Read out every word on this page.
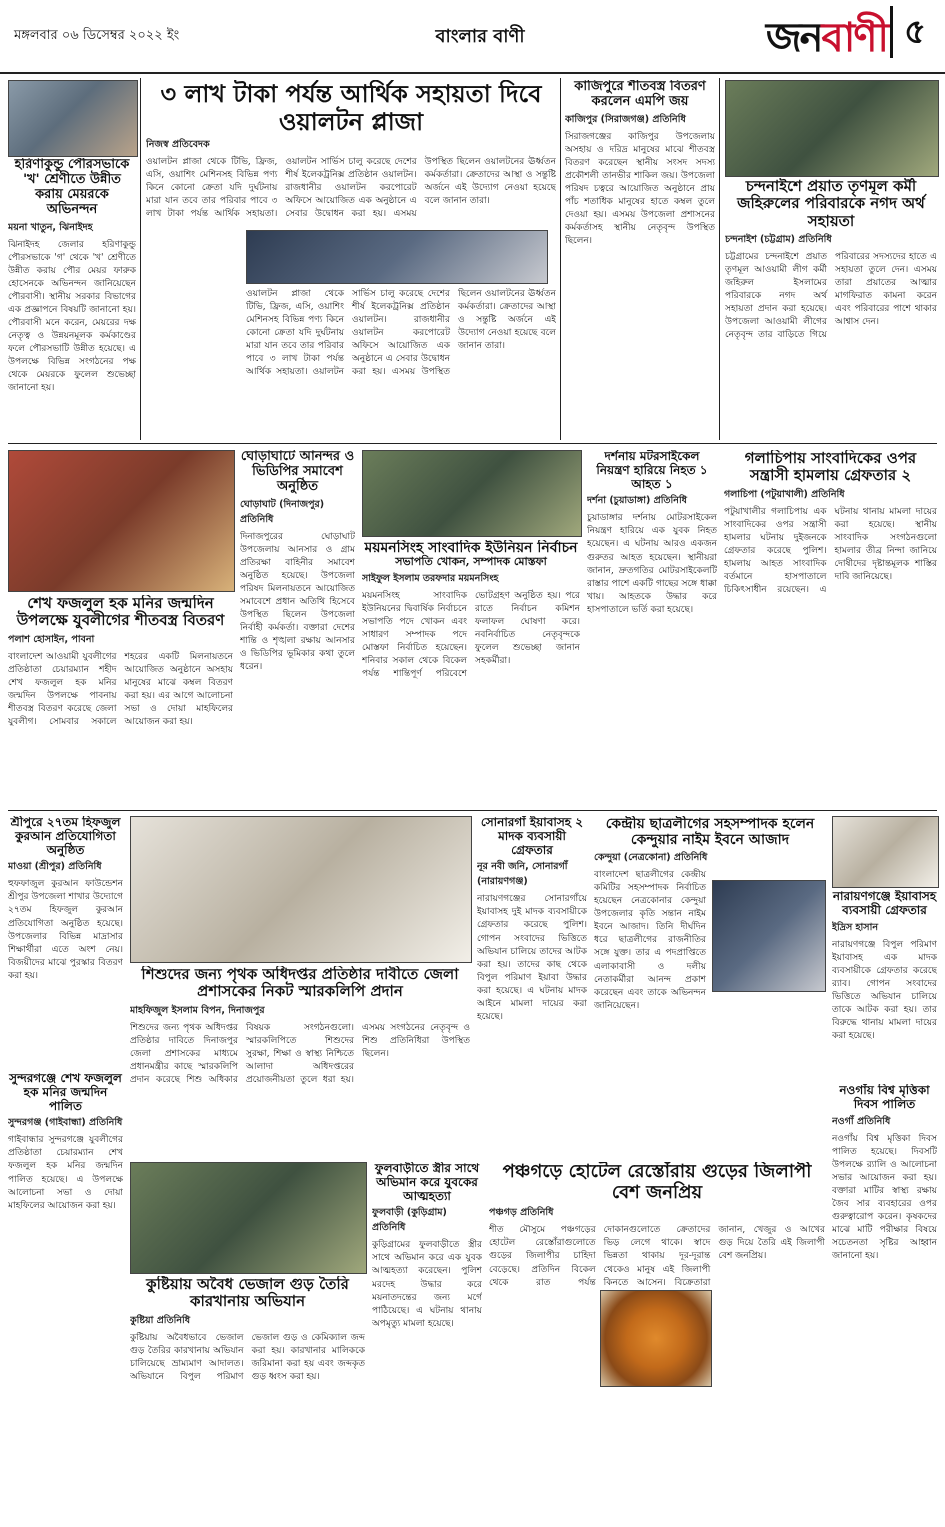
মঙ্গলবার ০৬ ডিসেম্বর ২০২২ ইং	বাংলার বাণী	জনবাণী ৫
হরিণাকুন্ডু পৌরসভাকে 'খ' শ্রেণীতে উন্নীত করায় মেয়রকে অভিনন্দন
ময়না খাতুন, ঝিনাইদহ
ঝিনাইদহ জেলার হরিণাকুন্ডু পৌরসভাকে 'গ' থেকে 'খ' শ্রেণীতে উন্নীত করায় পৌর মেয়র ফারুক হোসেনকে অভিনন্দন জানিয়েছেন পৌরবাসী। স্থানীয় সরকার বিভাগের এক প্রজ্ঞাপনে বিষয়টি জানানো হয়। পৌরবাসী মনে করেন, মেয়রের দক্ষ নেতৃত্ব ও উন্নয়নমূলক কর্মকাণ্ডের ফলে পৌরসভাটি উন্নীত হয়েছে। এ উপলক্ষে বিভিন্ন সংগঠনের পক্ষ থেকে মেয়রকে ফুলেল শুভেচ্ছা জানানো হয়।
৩ লাখ টাকা পর্যন্ত আর্থিক সহায়তা দিবে ওয়ালটন প্লাজা
নিজস্ব প্রতিবেদক
ওয়ালটন প্লাজা থেকে টিভি, ফ্রিজ, এসি, ওয়াশিং মেশিনসহ বিভিন্ন পণ্য কিনে কোনো ক্রেতা যদি দুর্ঘটনায় মারা যান তবে তার পরিবার পাবে ৩ লাখ টাকা পর্যন্ত আর্থিক সহায়তা। ওয়ালটন সার্ভিস চালু করেছে দেশের শীর্ষ ইলেকট্রনিক্স প্রতিষ্ঠান ওয়ালটন। রাজধানীর ওয়ালটন করপোরেট অফিসে আয়োজিত এক অনুষ্ঠানে এ সেবার উদ্বোধন করা হয়। এসময় উপস্থিত ছিলেন ওয়ালটনের ঊর্ধ্বতন কর্মকর্তারা। ক্রেতাদের আস্থা ও সন্তুষ্টি অর্জনে এই উদ্যোগ নেওয়া হয়েছে বলে জানান তারা।
ওয়ালটন প্লাজা থেকে টিভি, ফ্রিজ, এসি, ওয়াশিং মেশিনসহ বিভিন্ন পণ্য কিনে কোনো ক্রেতা যদি দুর্ঘটনায় মারা যান তবে তার পরিবার পাবে ৩ লাখ টাকা পর্যন্ত আর্থিক সহায়তা। ওয়ালটন সার্ভিস চালু করেছে দেশের শীর্ষ ইলেকট্রনিক্স প্রতিষ্ঠান ওয়ালটন। রাজধানীর ওয়ালটন করপোরেট অফিসে আয়োজিত এক অনুষ্ঠানে এ সেবার উদ্বোধন করা হয়। এসময় উপস্থিত ছিলেন ওয়ালটনের ঊর্ধ্বতন কর্মকর্তারা। ক্রেতাদের আস্থা ও সন্তুষ্টি অর্জনে এই উদ্যোগ নেওয়া হয়েছে বলে জানান তারা।
কাজিপুরে শীতবস্ত্র বিতরণ করলেন এমপি জয়
কাজিপুর (সিরাজগঞ্জ) প্রতিনিধি
সিরাজগঞ্জের কাজিপুর উপজেলায় অসহায় ও দরিদ্র মানুষের মাঝে শীতবস্ত্র বিতরণ করেছেন স্থানীয় সংসদ সদস্য প্রকৌশলী তানভীর শাকিল জয়। উপজেলা পরিষদ চত্বরে আয়োজিত অনুষ্ঠানে প্রায় পাঁচ শতাধিক মানুষের হাতে কম্বল তুলে দেওয়া হয়। এসময় উপজেলা প্রশাসনের কর্মকর্তাসহ স্থানীয় নেতৃবৃন্দ উপস্থিত ছিলেন।
চন্দনাইশে প্রয়াত তৃণমূল কর্মী জহিরুলের পরিবারকে নগদ অর্থ সহায়তা
চন্দনাইশ (চট্টগ্রাম) প্রতিনিধি
চট্টগ্রামের চন্দনাইশে প্রয়াত তৃণমূল আওয়ামী লীগ কর্মী জহিরুল ইসলামের পরিবারকে নগদ অর্থ সহায়তা প্রদান করা হয়েছে। উপজেলা আওয়ামী লীগের নেতৃবৃন্দ তার বাড়িতে গিয়ে পরিবারের সদস্যদের হাতে এ সহায়তা তুলে দেন। এসময় তারা প্রয়াতের আত্মার মাগফিরাত কামনা করেন এবং পরিবারের পাশে থাকার আশ্বাস দেন।
শেখ ফজলুল হক মনির জন্মদিন উপলক্ষে যুবলীগের শীতবস্ত্র বিতরণ
পলাশ হোসাইন, পাবনা
বাংলাদেশ আওয়ামী যুবলীগের প্রতিষ্ঠাতা চেয়ারম্যান শহীদ শেখ ফজলুল হক মনির জন্মদিন উপলক্ষে পাবনায় শীতবস্ত্র বিতরণ করেছে জেলা যুবলীগ। সোমবার সকালে শহরের একটি মিলনায়তনে আয়োজিত অনুষ্ঠানে অসহায় মানুষের মাঝে কম্বল বিতরণ করা হয়। এর আগে আলোচনা সভা ও দোয়া মাহফিলের আয়োজন করা হয়।
ঘোড়াঘাটে আনন্দর ও ভিডিপির সমাবেশ অনুষ্ঠিত
ঘোড়াঘাট (দিনাজপুর) প্রতিনিধি
দিনাজপুরের ঘোড়াঘাট উপজেলায় আনসার ও গ্রাম প্রতিরক্ষা বাহিনীর সমাবেশ অনুষ্ঠিত হয়েছে। উপজেলা পরিষদ মিলনায়তনে আয়োজিত সমাবেশে প্রধান অতিথি হিসেবে উপস্থিত ছিলেন উপজেলা নির্বাহী কর্মকর্তা। বক্তারা দেশের শান্তি ও শৃঙ্খলা রক্ষায় আনসার ও ভিডিপির ভূমিকার কথা তুলে ধরেন।
ময়মনসিংহ সাংবাদিক ইউনিয়ন নির্বাচন
সভাপতি খোকন, সম্পাদক মোস্তফা
সাইফুল ইসলাম তরফদার ময়মনসিংহ
ময়মনসিংহ সাংবাদিক ইউনিয়নের দ্বিবার্ষিক নির্বাচনে সভাপতি পদে খোকন এবং সাধারণ সম্পাদক পদে মোস্তফা নির্বাচিত হয়েছেন। শনিবার সকাল থেকে বিকেল পর্যন্ত শান্তিপূর্ণ পরিবেশে ভোটগ্রহণ অনুষ্ঠিত হয়। পরে রাতে নির্বাচন কমিশন ফলাফল ঘোষণা করে। নবনির্বাচিত নেতৃবৃন্দকে ফুলেল শুভেচ্ছা জানান সহকর্মীরা।
দর্শনায় মটরসাইকেল নিয়ন্ত্রণ হারিয়ে নিহত ১ আহত ১
দর্শনা (চুয়াডাঙ্গা) প্রতিনিধি
চুয়াডাঙ্গার দর্শনায় মোটরসাইকেল নিয়ন্ত্রণ হারিয়ে এক যুবক নিহত হয়েছেন। এ ঘটনায় আরও একজন গুরুতর আহত হয়েছেন। স্থানীয়রা জানান, দ্রুতগতির মোটরসাইকেলটি রাস্তার পাশে একটি গাছের সঙ্গে ধাক্কা খায়। আহতকে উদ্ধার করে হাসপাতালে ভর্তি করা হয়েছে।
গলাচিপায় সাংবাদিকের ওপর সন্ত্রাসী হামলায় গ্রেফতার ২
গলাচিপা (পটুয়াখালী) প্রতিনিধি
পটুয়াখালীর গলাচিপায় এক সাংবাদিকের ওপর সন্ত্রাসী হামলার ঘটনায় দুইজনকে গ্রেফতার করেছে পুলিশ। হামলায় আহত সাংবাদিক বর্তমানে হাসপাতালে চিকিৎসাধীন রয়েছেন। এ ঘটনায় থানায় মামলা দায়ের করা হয়েছে। স্থানীয় সাংবাদিক সংগঠনগুলো হামলার তীব্র নিন্দা জানিয়ে দোষীদের দৃষ্টান্তমূলক শাস্তির দাবি জানিয়েছে।
শ্রীপুরে ২৭তম হিফজুল কুরআন প্রতিযোগিতা অনুষ্ঠিত
মাওয়া (শ্রীপুর) প্রতিনিধি
হুফফাজুল কুরআন ফাউন্ডেশন শ্রীপুর উপজেলা শাখার উদ্যোগে ২৭তম হিফজুল কুরআন প্রতিযোগিতা অনুষ্ঠিত হয়েছে। উপজেলার বিভিন্ন মাদ্রাসার শিক্ষার্থীরা এতে অংশ নেয়। বিজয়ীদের মাঝে পুরস্কার বিতরণ করা হয়।
সুন্দরগঞ্জে শেখ ফজলুল হক মনির জন্মদিন পালিত
সুন্দরগঞ্জ (গাইবান্ধা) প্রতিনিধি
গাইবান্ধার সুন্দরগঞ্জে যুবলীগের প্রতিষ্ঠাতা চেয়ারম্যান শেখ ফজলুল হক মনির জন্মদিন পালিত হয়েছে। এ উপলক্ষে আলোচনা সভা ও দোয়া মাহফিলের আয়োজন করা হয়।
শিশুদের জন্য পৃথক অধিদপ্তর প্রতিষ্ঠার দাবীতে জেলা প্রশাসকের নিকট স্মারকলিপি প্রদান
মাহফিজুল ইসলাম বিপন, দিনাজপুর
শিশুদের জন্য পৃথক অধিদপ্তর প্রতিষ্ঠার দাবিতে দিনাজপুর জেলা প্রশাসকের মাধ্যমে প্রধানমন্ত্রীর কাছে স্মারকলিপি প্রদান করেছে শিশু অধিকার বিষয়ক সংগঠনগুলো। স্মারকলিপিতে শিশুদের সুরক্ষা, শিক্ষা ও স্বাস্থ্য নিশ্চিতে আলাদা অধিদপ্তরের প্রয়োজনীয়তা তুলে ধরা হয়। এসময় সংগঠনের নেতৃবৃন্দ ও শিশু প্রতিনিধিরা উপস্থিত ছিলেন।
সোনারগাঁ ইয়াবাসহ ২ মাদক ব্যবসায়ী গ্রেফতার
নূর নবী জনি, সোনারগাঁ (নারায়ণগঞ্জ)
নারায়ণগঞ্জের সোনারগাঁয়ে ইয়াবাসহ দুই মাদক ব্যবসায়ীকে গ্রেফতার করেছে পুলিশ। গোপন সংবাদের ভিত্তিতে অভিযান চালিয়ে তাদের আটক করা হয়। তাদের কাছ থেকে বিপুল পরিমাণ ইয়াবা উদ্ধার করা হয়েছে। এ ঘটনায় মাদক আইনে মামলা দায়ের করা হয়েছে।
কেন্দ্রীয় ছাত্রলীগের সহসম্পাদক হলেন কেন্দুয়ার নাইম ইবনে আজাদ
কেন্দুয়া (নেত্রকোনা) প্রতিনিধি
বাংলাদেশ ছাত্রলীগের কেন্দ্রীয় কমিটির সহসম্পাদক নির্বাচিত হয়েছেন নেত্রকোনার কেন্দুয়া উপজেলার কৃতি সন্তান নাইম ইবনে আজাদ। তিনি দীর্ঘদিন ধরে ছাত্রলীগের রাজনীতির সঙ্গে যুক্ত। তার এ পদপ্রাপ্তিতে এলাকাবাসী ও দলীয় নেতাকর্মীরা আনন্দ প্রকাশ করেছেন এবং তাকে অভিনন্দন জানিয়েছেন।
নারায়ণগঞ্জে ইয়াবাসহ ব্যবসায়ী গ্রেফতার
ইদ্রিস হাসান
নারায়ণগঞ্জে বিপুল পরিমাণ ইয়াবাসহ এক মাদক ব্যবসায়ীকে গ্রেফতার করেছে র‍্যাব। গোপন সংবাদের ভিত্তিতে অভিযান চালিয়ে তাকে আটক করা হয়। তার বিরুদ্ধে থানায় মামলা দায়ের করা হয়েছে।
নওগাঁয় বিশ্ব মৃত্তিকা দিবস পালিত
নওগাঁ প্রতিনিধি
নওগাঁয় বিশ্ব মৃত্তিকা দিবস পালিত হয়েছে। দিবসটি উপলক্ষে র‍্যালি ও আলোচনা সভার আয়োজন করা হয়। বক্তারা মাটির স্বাস্থ্য রক্ষায় জৈব সার ব্যবহারের ওপর গুরুত্বারোপ করেন। কৃষকদের মাঝে মাটি পরীক্ষার বিষয়ে সচেতনতা সৃষ্টির আহ্বান জানানো হয়।
কুষ্টিয়ায় অবৈধ ভেজাল গুড় তৈরি কারখানায় অভিযান
কুষ্টিয়া প্রতিনিধি
কুষ্টিয়ায় অবৈধভাবে ভেজাল গুড় তৈরির কারখানায় অভিযান চালিয়েছে ভ্রাম্যমাণ আদালত। অভিযানে বিপুল পরিমাণ ভেজাল গুড় ও কেমিক্যাল জব্দ করা হয়। কারখানার মালিককে জরিমানা করা হয় এবং জব্দকৃত গুড় ধ্বংস করা হয়।
ফুলবাড়ীতে স্ত্রীর সাথে অভিমান করে যুবকের আত্মহত্যা
ফুলবাড়ী (কুড়িগ্রাম) প্রতিনিধি
কুড়িগ্রামের ফুলবাড়ীতে স্ত্রীর সাথে অভিমান করে এক যুবক আত্মহত্যা করেছেন। পুলিশ মরদেহ উদ্ধার করে ময়নাতদন্তের জন্য মর্গে পাঠিয়েছে। এ ঘটনায় থানায় অপমৃত্যু মামলা হয়েছে।
পঞ্চগড়ে হোটেল রেস্তোঁরায় গুড়ের জিলাপী বেশ জনপ্রিয়
পঞ্চগড় প্রতিনিধি
শীত মৌসুমে পঞ্চগড়ের হোটেল রেস্তোঁরাগুলোতে গুড়ের জিলাপীর চাহিদা বেড়েছে। প্রতিদিন বিকেল থেকে রাত পর্যন্ত দোকানগুলোতে ক্রেতাদের ভিড় লেগে থাকে। স্বাদে ভিন্নতা থাকায় দূর-দূরান্ত থেকেও মানুষ এই জিলাপী কিনতে আসেন। বিক্রেতারা জানান, খেজুর ও আখের গুড় দিয়ে তৈরি এই জিলাপী বেশ জনপ্রিয়।
